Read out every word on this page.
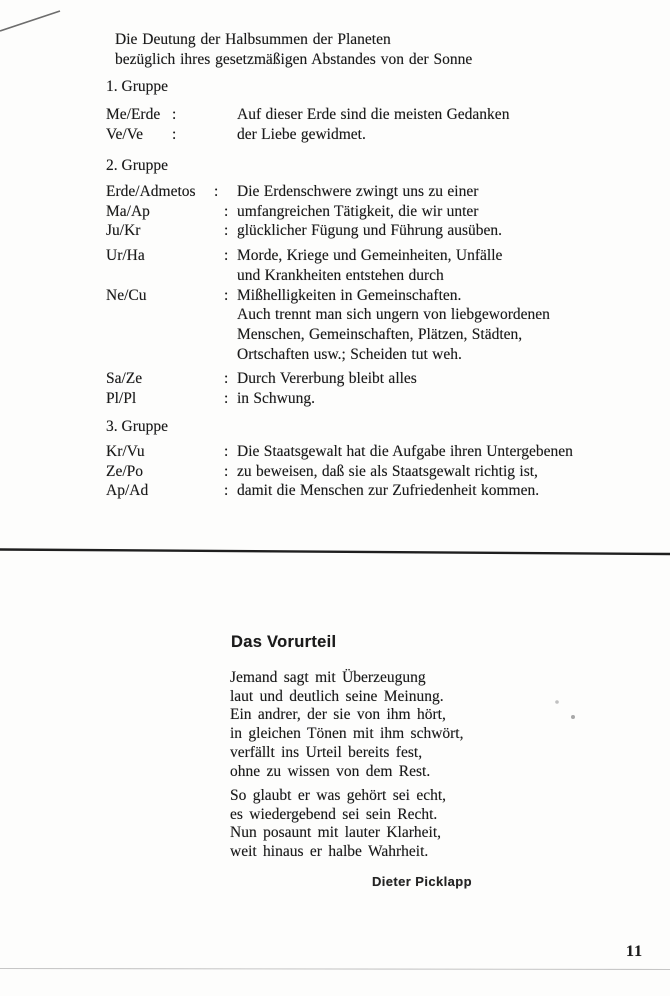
Die Deutung der Halbsummen der Planeten
bezüglich ihres gesetzmäßigen Abstandes von der Sonne
1. Gruppe
Me/Erde :	Auf dieser Erde sind die meisten Gedanken
Ve/Ve :	der Liebe gewidmet.
2. Gruppe
Erde/Admetos : Die Erdenschwere zwingt uns zu einer
Ma/Ap	: umfangreichen Tätigkeit, die wir unter
Ju/Kr	: glücklicher Fügung und Führung ausüben.
Ur/Ha	: Morde, Kriege und Gemeinheiten, Unfälle
und Krankheiten entstehen durch
Ne/Cu	: Mißhelligkeiten in Gemeinschaften.
Auch trennt man sich ungern von liebgewordenen
Menschen, Gemeinschaften, Plätzen, Städten,
Ortschaften usw.; Scheiden tut weh.
Sa/Ze	: Durch Vererbung bleibt alles
Pl/Pl	: in Schwung.
3. Gruppe
Kr/Vu	: Die Staatsgewalt hat die Aufgabe ihren Untergebenen
Ze/Po	: zu beweisen, daß sie als Staatsgewalt richtig ist,
Ap/Ad	: damit die Menschen zur Zufriedenheit kommen.
Das Vorurteil
Jemand sagt mit Überzeugung
laut und deutlich seine Meinung.
Ein andrer, der sie von ihm hört,
in gleichen Tönen mit ihm schwört,
verfällt ins Urteil bereits fest,
ohne zu wissen von dem Rest.
So glaubt er was gehört sei echt,
es wiedergebend sei sein Recht.
Nun posaunt mit lauter Klarheit,
weit hinaus er halbe Wahrheit.
Dieter Picklapp
11
